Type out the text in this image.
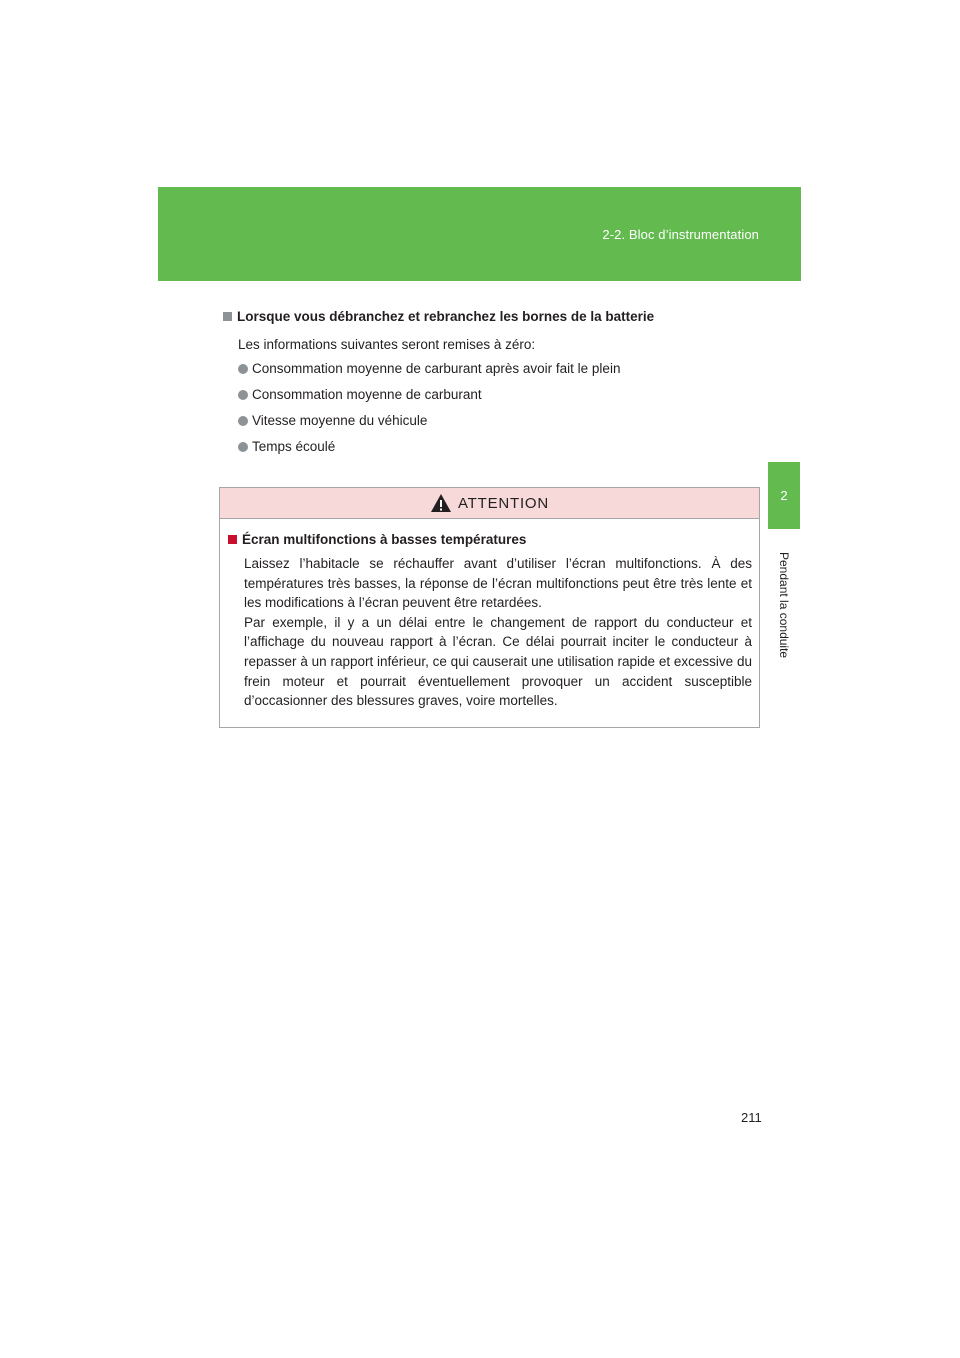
2-2. Bloc d’instrumentation
2
Pendant la conduite
Lorsque vous débranchez et rebranchez les bornes de la batterie
Les informations suivantes seront remises à zéro:
Consommation moyenne de carburant après avoir fait le plein
Consommation moyenne de carburant
Vitesse moyenne du véhicule
Temps écoulé
ATTENTION
Écran multifonctions à basses températures

Laissez l’habitacle se réchauffer avant d’utiliser l’écran multifonctions. À des températures très basses, la réponse de l’écran multifonctions peut être très lente et les modifications à l’écran peuvent être retardées.

Par exemple, il y a un délai entre le changement de rapport du conducteur et l’affichage du nouveau rapport à l’écran. Ce délai pourrait inciter le conducteur à repasser à un rapport inférieur, ce qui causerait une utilisation rapide et excessive du frein moteur et pourrait éventuellement provoquer un accident susceptible d’occasionner des blessures graves, voire mortelles.

211
